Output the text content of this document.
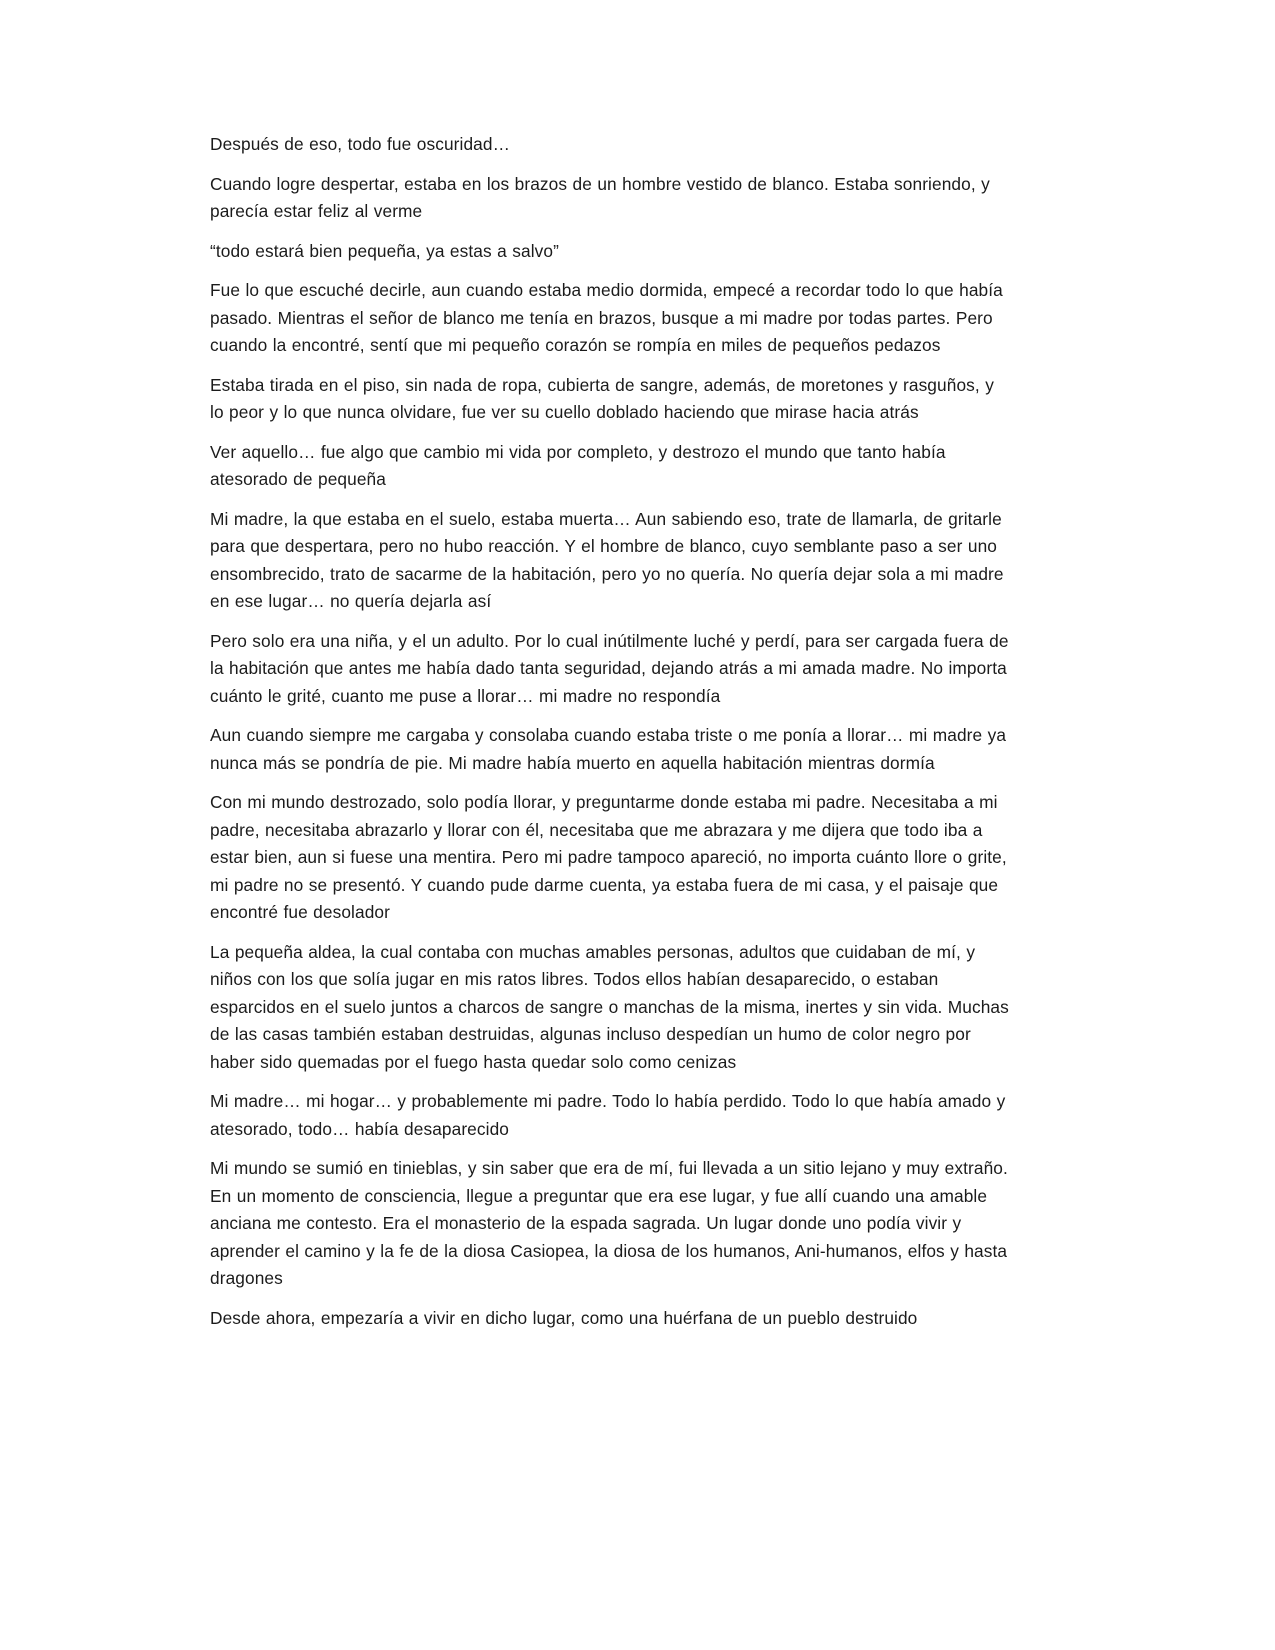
Después de eso, todo fue oscuridad…

Cuando logre despertar, estaba en los brazos de un hombre vestido de blanco. Estaba sonriendo, y parecía estar feliz al verme

“todo estará bien pequeña, ya estas a salvo”

Fue lo que escuché decirle, aun cuando estaba medio dormida, empecé a recordar todo lo que había pasado. Mientras el señor de blanco me tenía en brazos, busque a mi madre por todas partes. Pero cuando la encontré, sentí que mi pequeño corazón se rompía en miles de pequeños pedazos

Estaba tirada en el piso, sin nada de ropa, cubierta de sangre, además, de moretones y rasguños, y lo peor y lo que nunca olvidare, fue ver su cuello doblado haciendo que mirase hacia atrás

Ver aquello… fue algo que cambio mi vida por completo, y destrozo el mundo que tanto había atesorado de pequeña

Mi madre, la que estaba en el suelo, estaba muerta… Aun sabiendo eso, trate de llamarla, de gritarle para que despertara, pero no hubo reacción. Y el hombre de blanco, cuyo semblante paso a ser uno ensombrecido, trato de sacarme de la habitación, pero yo no quería. No quería dejar sola a mi madre en ese lugar… no quería dejarla así

Pero solo era una niña, y el un adulto. Por lo cual inútilmente luché y perdí, para ser cargada fuera de la habitación que antes me había dado tanta seguridad, dejando atrás a mi amada madre. No importa cuánto le grité, cuanto me puse a llorar… mi madre no respondía

Aun cuando siempre me cargaba y consolaba cuando estaba triste o me ponía a llorar… mi madre ya nunca más se pondría de pie. Mi madre había muerto en aquella habitación mientras dormía

Con mi mundo destrozado, solo podía llorar, y preguntarme donde estaba mi padre. Necesitaba a mi padre, necesitaba abrazarlo y llorar con él, necesitaba que me abrazara y me dijera que todo iba a estar bien, aun si fuese una mentira. Pero mi padre tampoco apareció, no importa cuánto llore o grite, mi padre no se presentó. Y cuando pude darme cuenta, ya estaba fuera de mi casa, y el paisaje que encontré fue desolador

La pequeña aldea, la cual contaba con muchas amables personas, adultos que cuidaban de mí, y niños con los que solía jugar en mis ratos libres. Todos ellos habían desaparecido, o estaban esparcidos en el suelo juntos a charcos de sangre o manchas de la misma, inertes y sin vida. Muchas de las casas también estaban destruidas, algunas incluso despedían un humo de color negro por haber sido quemadas por el fuego hasta quedar solo como cenizas

Mi madre… mi hogar… y probablemente mi padre. Todo lo había perdido. Todo lo que había amado y atesorado, todo… había desaparecido

Mi mundo se sumió en tinieblas, y sin saber que era de mí, fui llevada a un sitio lejano y muy extraño. En un momento de consciencia, llegue a preguntar que era ese lugar, y fue allí cuando una amable anciana me contesto. Era el monasterio de la espada sagrada. Un lugar donde uno podía vivir y aprender el camino y la fe de la diosa Casiopea, la diosa de los humanos, Ani-humanos, elfos y hasta dragones

Desde ahora, empezaría a vivir en dicho lugar, como una huérfana de un pueblo destruido
